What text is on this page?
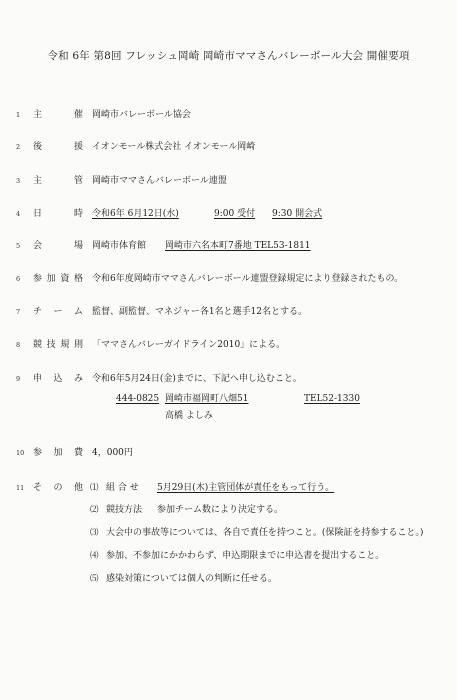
令和 6年 第8回 フレッシュ岡崎 岡崎市ママさんバレーボール大会 開催要項
1 主	催 岡崎市バレーボール協会
2 後	援 イオンモール株式会社 イオンモール岡崎
3 主	管 岡崎市ママさんバレーボール連盟
4 日	時 令和6年 6月12日(水)	9:00 受付 9:30 開会式
5 会	場 岡崎市体育館 岡崎市六名本町7番地 TEL53-1811
6 参 加 資 格 令和6年度岡崎市ママさんバレーボール連盟登録規定により登録されたもの。
7 チ ー ム 監督、副監督、マネジャー各1名と選手12名とする。
8 競 技 規 則 「ママさんバレーガイドライン2010」による。
9 申 込 み 令和6年5月24日(金)までに、下記へ申し込むこと。
444-0825 岡崎市福岡町八畑51	TEL52-1330
高橋 よしみ
10 参 加 費 4，000円
11 そ の 他 ⑴ 組 合 せ 5月29日(木)主管団体が責任をもって行う。
⑵ 競技方法 参加チーム数により決定する。
⑶ 大会中の事故等については、各自で責任を持つこと。(保険証を持参すること。)
⑷ 参加、不参加にかかわらず、申込期限までに申込書を提出すること。
⑸ 感染対策については個人の判断に任せる。
